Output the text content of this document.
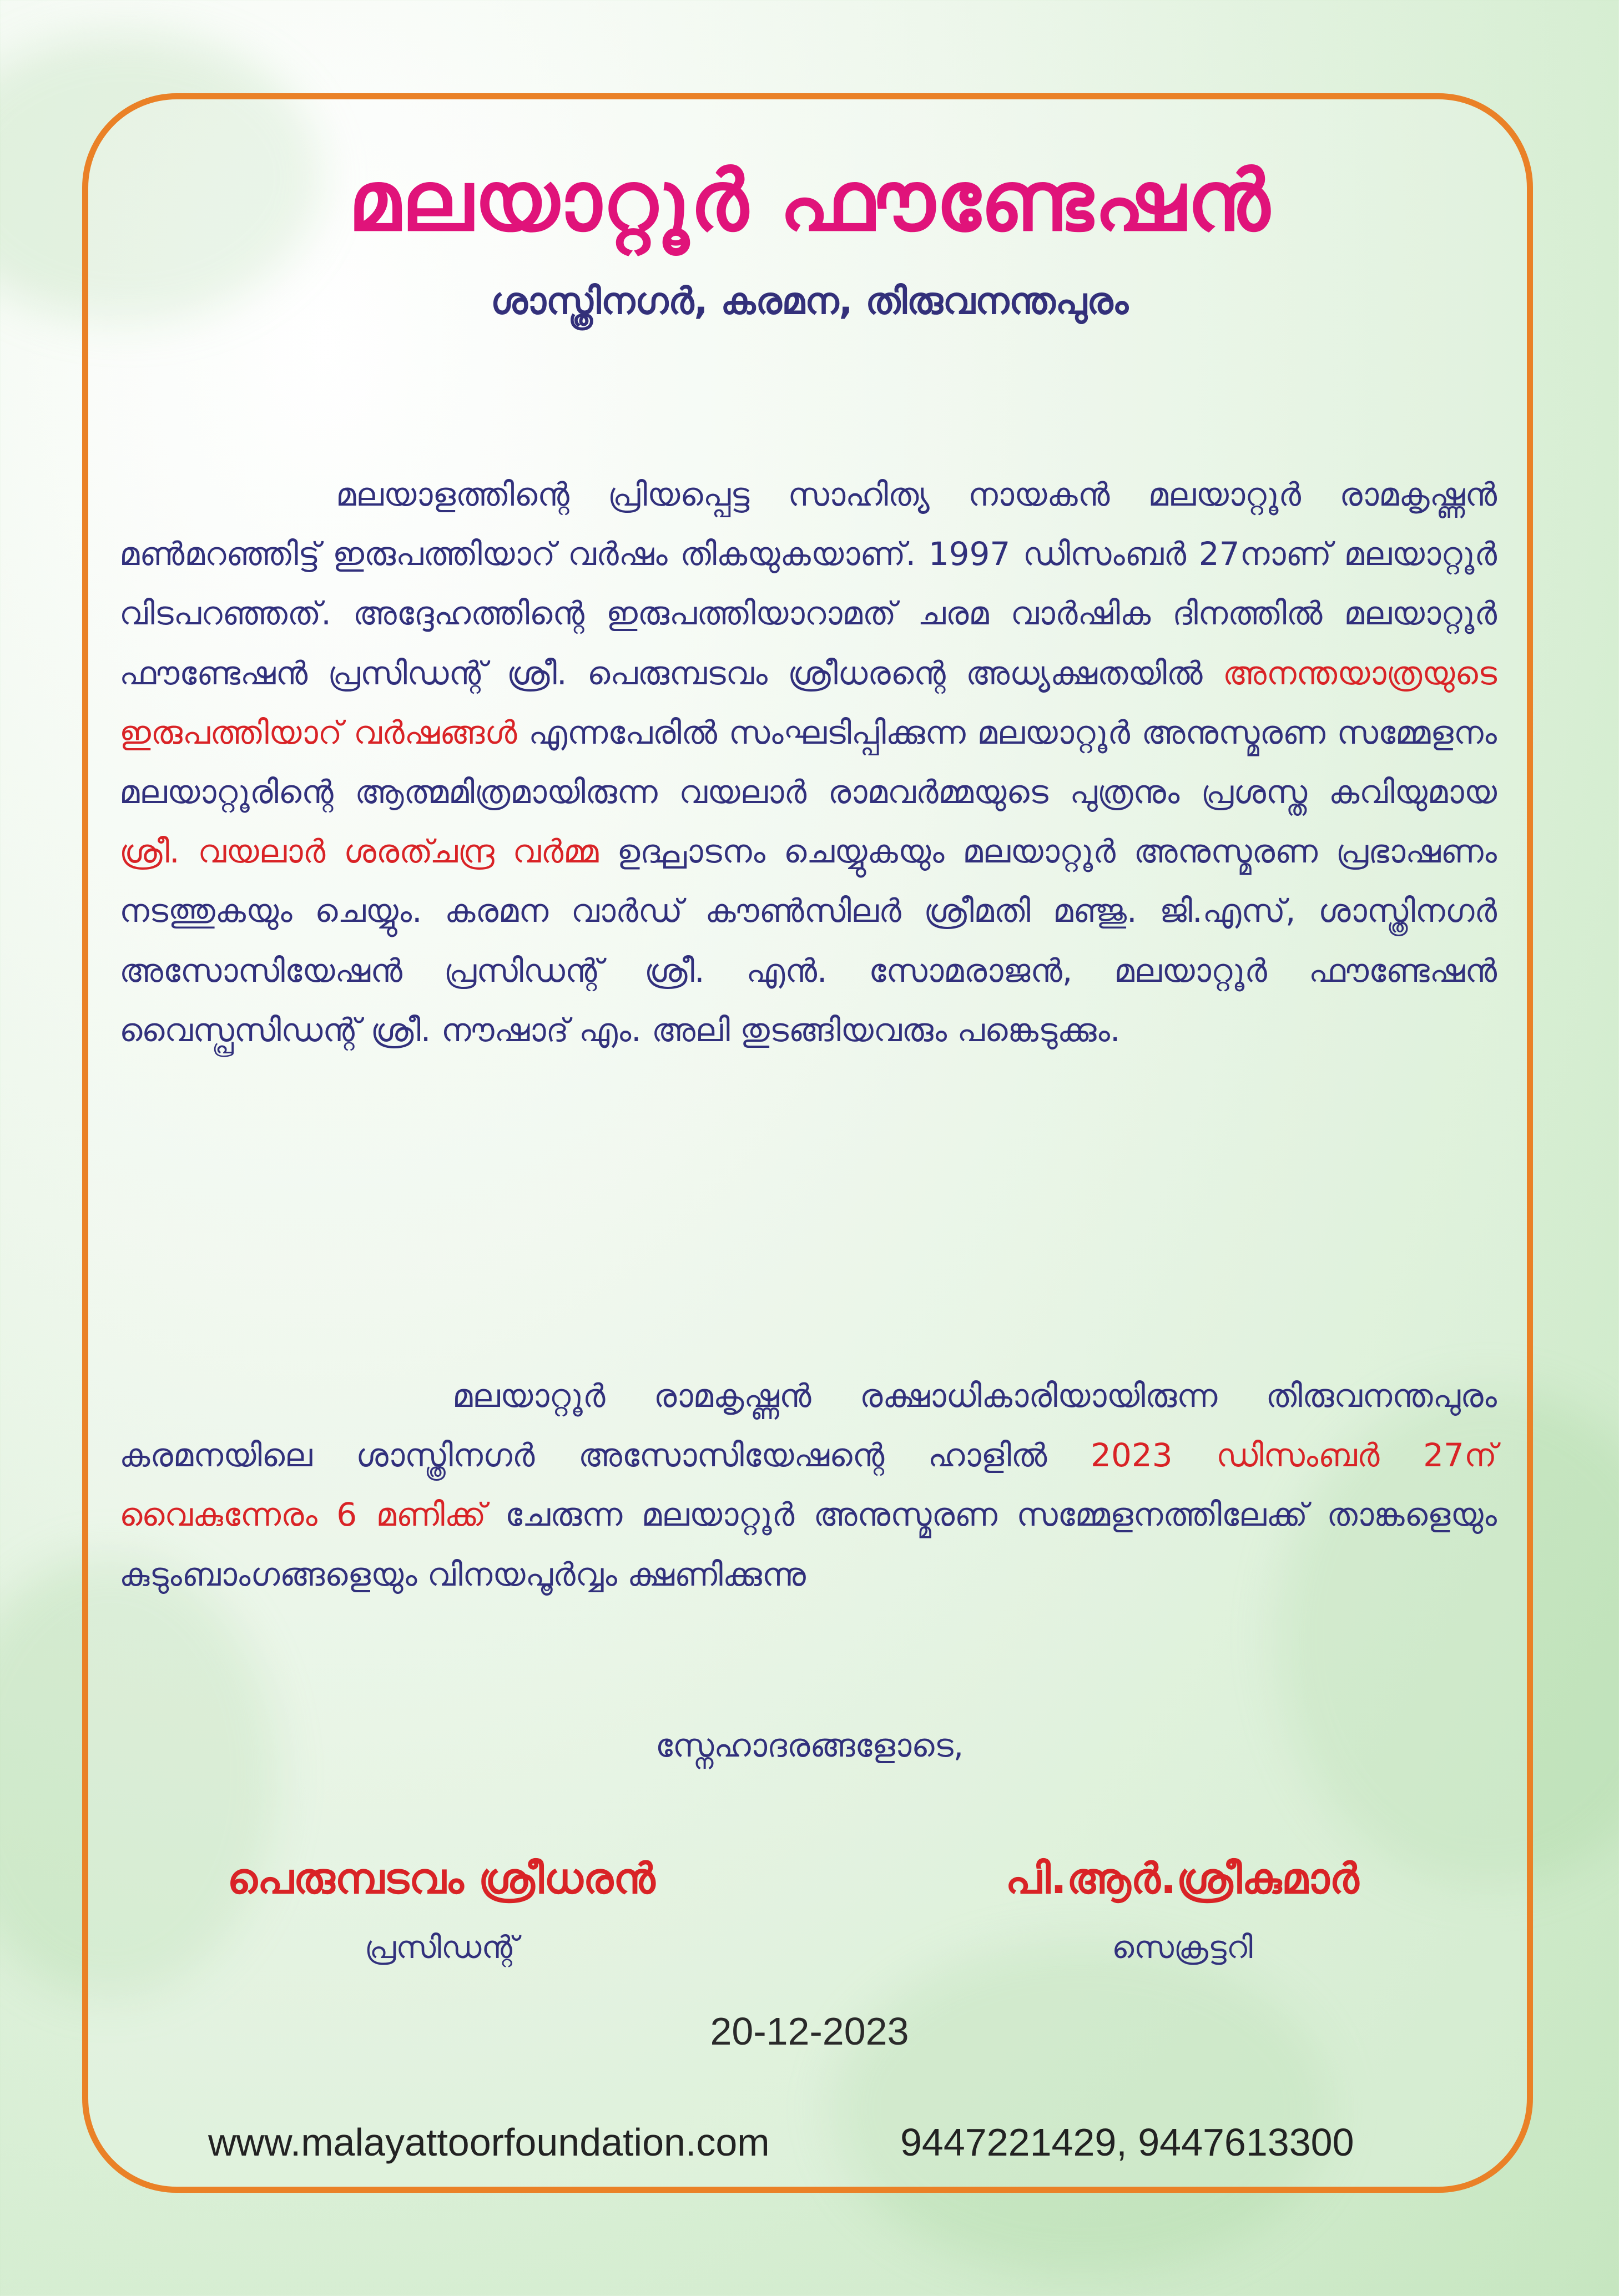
മലയാറ്റൂർ ഫൗണ്ടേഷൻ
ശാസ്ത്രിനഗർ, കരമന, തിരുവനന്തപുരം

മലയാളത്തിന്റെ പ്രിയപ്പെട്ട സാഹിത്യ നായകൻ മലയാറ്റൂർ രാമകൃഷ്ണൻ മൺമറഞ്ഞിട്ട് ഇരുപത്തിയാറ് വർഷം തികയുകയാണ്. 1997 ഡിസംബർ 27നാണ് മലയാറ്റൂർ വിടപറഞ്ഞത്. അദ്ദേഹത്തിന്റെ ഇരുപത്തിയാറാമത് ചരമ വാർഷിക ദിനത്തിൽ മലയാറ്റൂർ ഫൗണ്ടേഷൻ പ്രസിഡന്റ് ശ്രീ. പെരുമ്പടവം ശ്രീധരന്റെ അധ്യക്ഷതയിൽ അനന്തയാത്രയുടെ ഇരുപത്തിയാറ് വർഷങ്ങൾ എന്നപേരിൽ സംഘടിപ്പിക്കുന്ന മലയാറ്റൂർ അനുസ്മരണ സമ്മേളനം മലയാറ്റൂരിന്റെ ആത്മമിത്രമായിരുന്ന വയലാർ രാമവർമ്മയുടെ പുത്രനും പ്രശസ്ത കവിയുമായ ശ്രീ. വയലാർ ശരത്ചന്ദ്ര വർമ്മ ഉദ്ഘാടനം ചെയ്യുകയും മലയാറ്റൂർ അനുസ്മരണ പ്രഭാഷണം നടത്തുകയും ചെയ്യും. കരമന വാർഡ് കൗൺസിലർ ശ്രീമതി മഞ്ജു. ജി.എസ്, ശാസ്ത്രിനഗർ അസോസിയേഷൻ പ്രസിഡന്റ് ശ്രീ. എൻ. സോമരാജൻ, മലയാറ്റൂർ ഫൗണ്ടേഷൻ വൈസ്പ്രസിഡന്റ് ശ്രീ. നൗഷാദ് എം. അലി തുടങ്ങിയവരും പങ്കെടുക്കും.

മലയാറ്റൂർ രാമകൃഷ്ണൻ രക്ഷാധികാരിയായിരുന്ന തിരുവനന്തപുരം കരമനയിലെ ശാസ്ത്രിനഗർ അസോസിയേഷന്റെ ഹാളിൽ 2023 ഡിസംബർ 27ന് വൈകുന്നേരം 6 മണിക്ക് ചേരുന്ന മലയാറ്റൂർ അനുസ്മരണ സമ്മേളനത്തിലേക്ക് താങ്കളെയും കുടുംബാംഗങ്ങളെയും വിനയപൂർവ്വം ക്ഷണിക്കുന്നു

സ്നേഹാദരങ്ങളോടെ,
പെരുമ്പടവം ശ്രീധരൻ
പ്രസിഡന്റ്
പി.ആർ.ശ്രീകുമാർ
സെക്രട്ടറി
20-12-2023
www.malayattoorfoundation.com	9447221429, 9447613300
